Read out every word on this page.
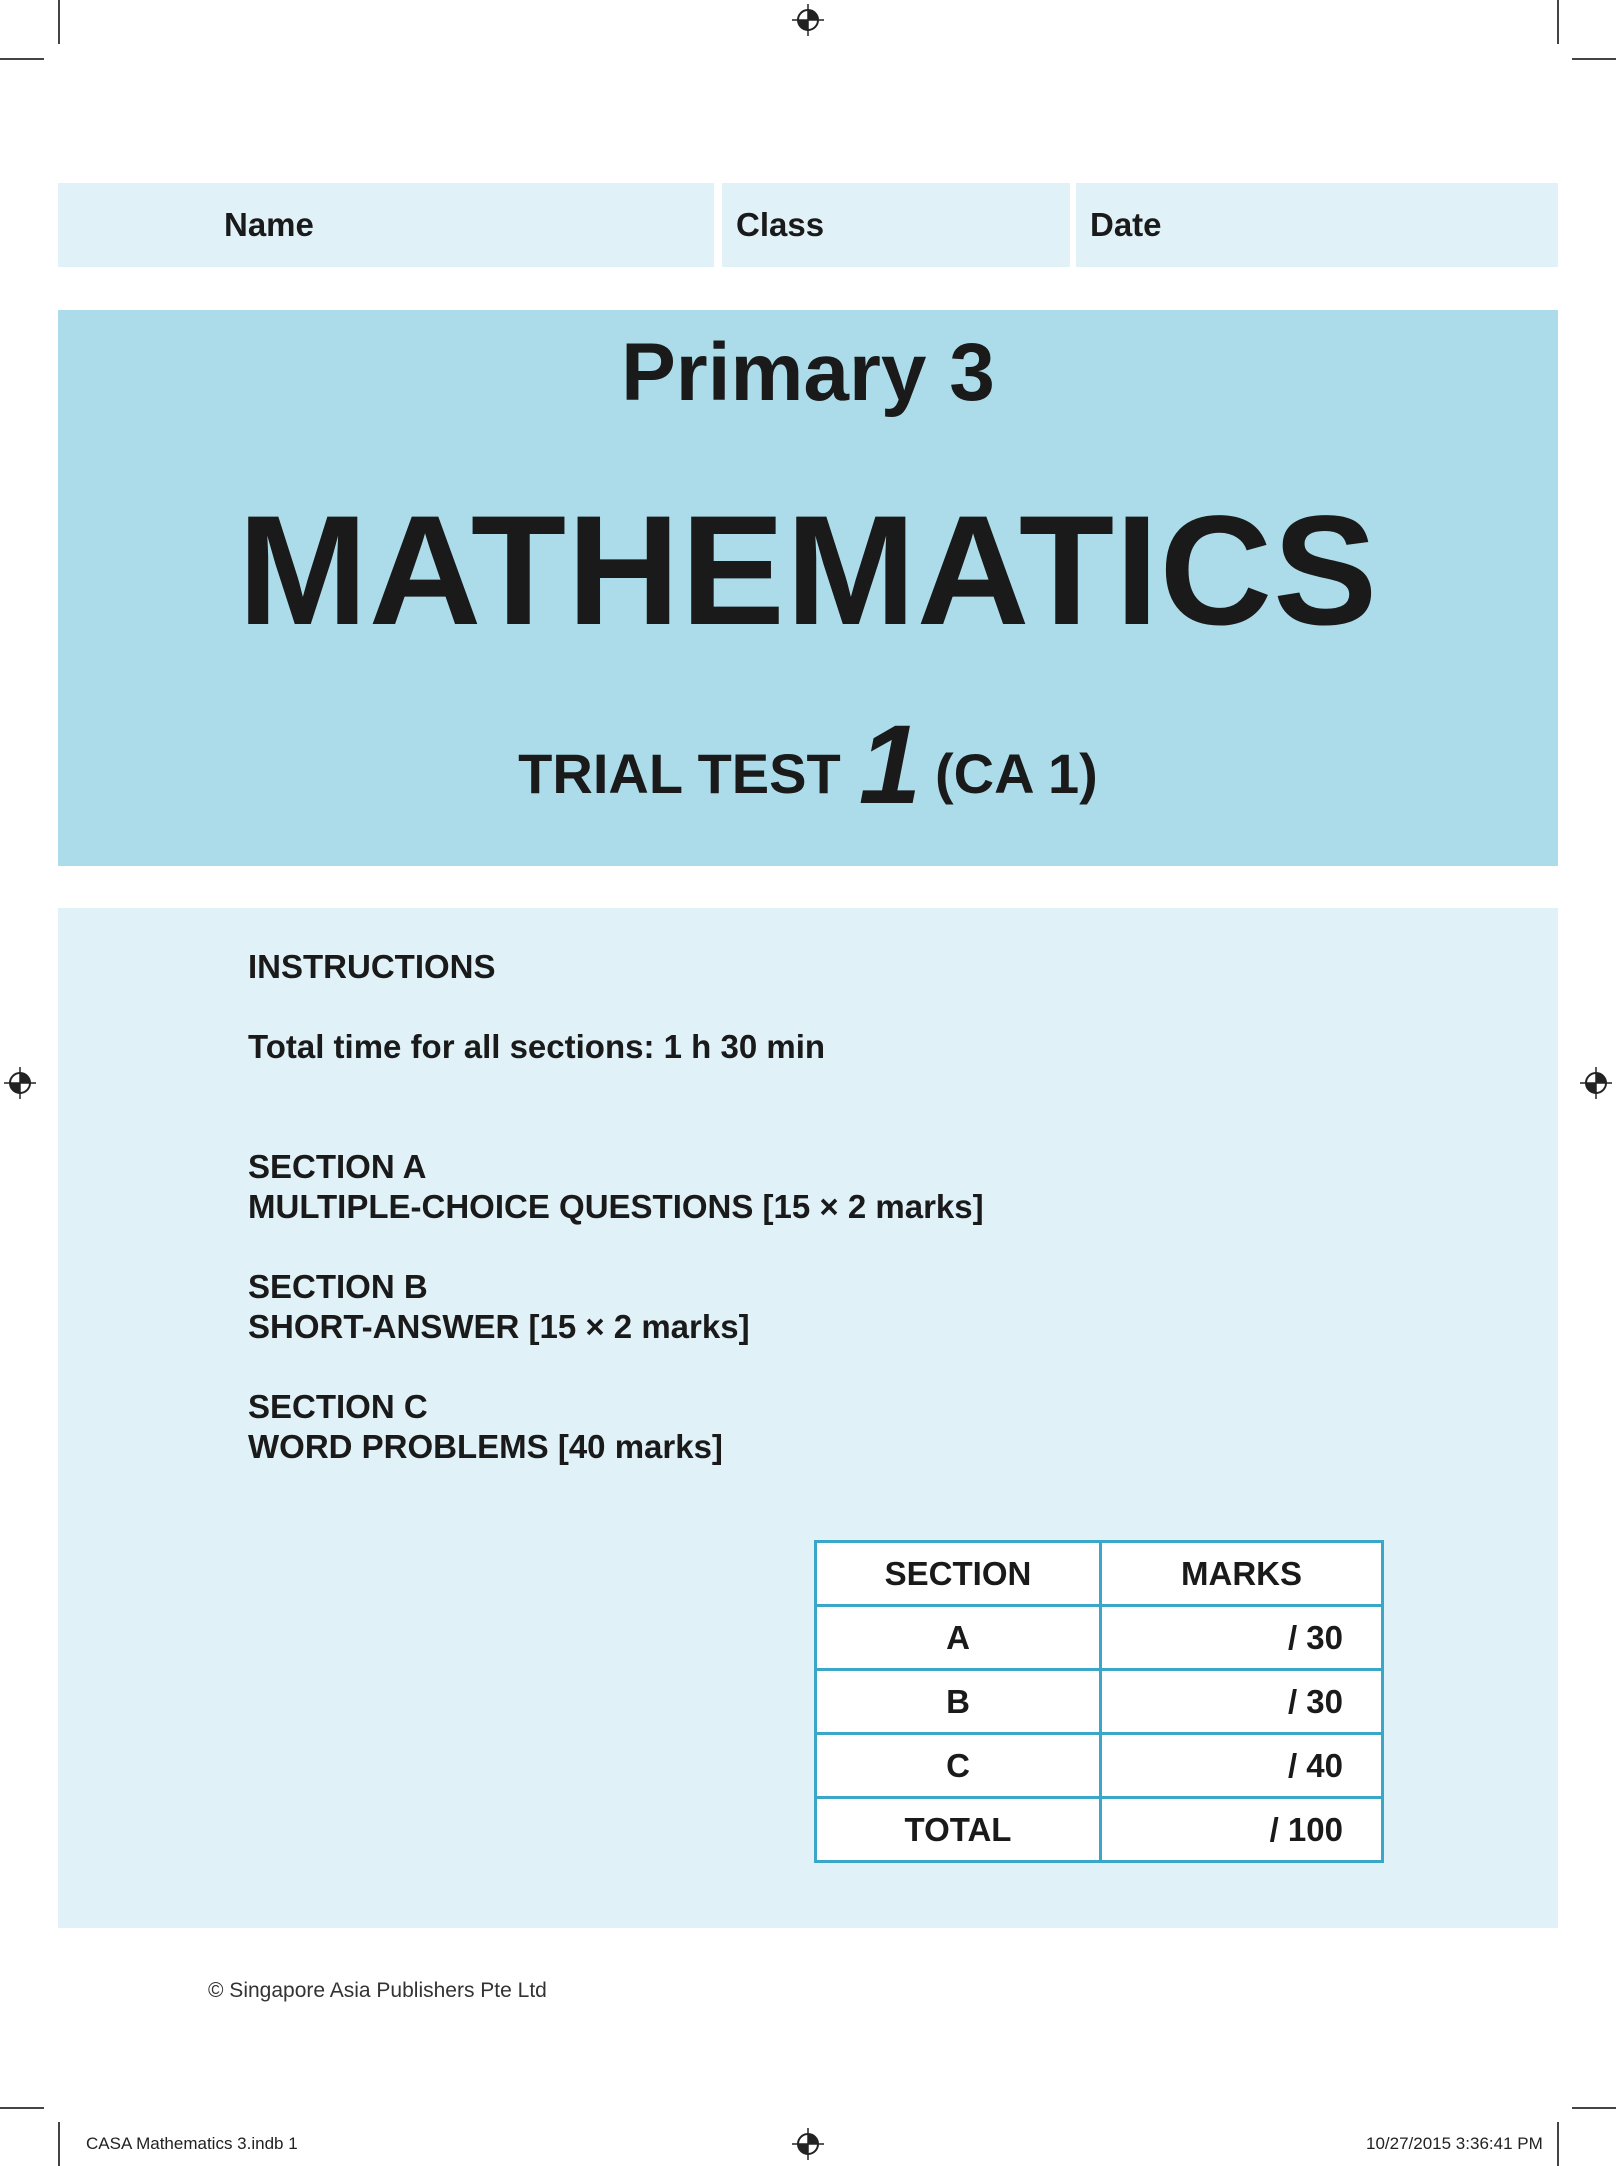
Name	Class	Date
Primary 3
MATHEMATICS
TRIAL TEST 1 (CA 1)
INSTRUCTIONS
Total time for all sections: 1 h 30 min
SECTION A
MULTIPLE-CHOICE QUESTIONS [15 × 2 marks]
SECTION B
SHORT-ANSWER [15 × 2 marks]
SECTION C
WORD PROBLEMS [40 marks]
SECTION	MARKS
A	/ 30
B	/ 30
C	/ 40
TOTAL	/ 100
© Singapore Asia Publishers Pte Ltd
CASA Mathematics 3.indb 1	10/27/2015 3:36:41 PM
